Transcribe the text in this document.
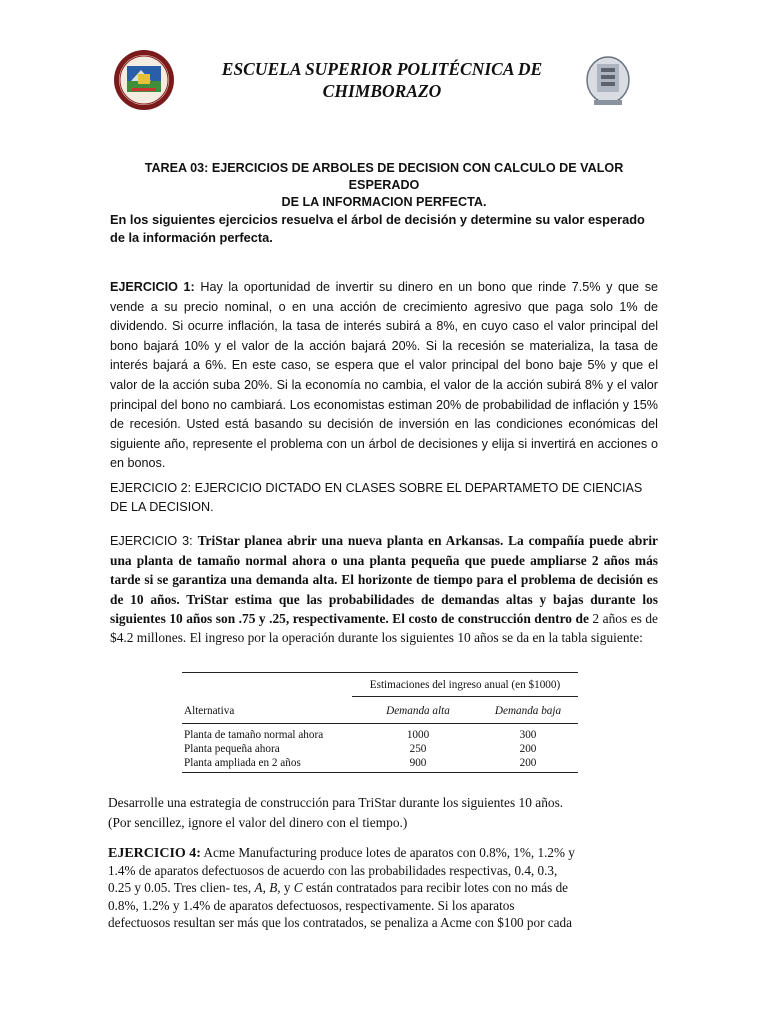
ESCUELA SUPERIOR POLITÉCNICA DE
CHIMBORAZO
TAREA 03: EJERCICIOS DE ARBOLES DE DECISION CON CALCULO DE VALOR ESPERADO
DE LA INFORMACION PERFECTA.
En los siguientes ejercicios resuelva el árbol de decisión y determine su valor esperado de la información perfecta.
EJERCICIO 1: Hay la oportunidad de invertir su dinero en un bono que rinde 7.5% y que se vende a su precio nominal, o en una acción de crecimiento agresivo que paga solo 1% de dividendo. Si ocurre inflación, la tasa de interés subirá a 8%, en cuyo caso el valor principal del bono bajará 10% y el valor de la acción bajará 20%. Si la recesión se materializa, la tasa de interés bajará a 6%. En este caso, se espera que el valor principal del bono baje 5% y que el valor de la acción suba 20%. Si la economía no cambia, el valor de la acción subirá 8% y el valor principal del bono no cambiará. Los economistas estiman 20% de probabilidad de inflación y 15% de recesión. Usted está basando su decisión de inversión en las condiciones económicas del siguiente año, represente el problema con un árbol de decisiones y elija si invertirá en acciones o en bonos.
EJERCICIO 2: EJERCICIO DICTADO EN CLASES SOBRE EL DEPARTAMETO DE CIENCIAS DE LA DECISION.
EJERCICIO 3: TriStar planea abrir una nueva planta en Arkansas. La compañía puede abrir una planta de tamaño normal ahora o una planta pequeña que puede ampliarse 2 años más tarde si se garantiza una demanda alta. El horizonte de tiempo para el problema de decisión es de 10 años. TriStar estima que las probabilidades de demandas altas y bajas durante los siguientes 10 años son .75 y .25, respectivamente. El costo de construcción dentro de 2 años es de $4.2 millones. El ingreso por la operación durante los siguientes 10 años se da en la tabla siguiente:
Estimaciones del ingreso anual (en $1000)
Alternativa	Demanda alta	Demanda baja
Planta de tamaño normal ahora	1000	300
Planta pequeña ahora	250	200
Planta ampliada en 2 años	900	200
Desarrolle una estrategia de construcción para TriStar durante los siguientes 10 años.
(Por sencillez, ignore el valor del dinero con el tiempo.)
EJERCICIO 4: Acme Manufacturing produce lotes de aparatos con 0.8%, 1%, 1.2% y
1.4% de aparatos defectuosos de acuerdo con las probabilidades respectivas, 0.4, 0.3,
0.25 y 0.05. Tres clien- tes, A, B, y C están contratados para recibir lotes con no más de
0.8%, 1.2% y 1.4% de aparatos defectuosos, respectivamente. Si los aparatos
defectuosos resultan ser más que los contratados, se penaliza a Acme con $100 por cada
